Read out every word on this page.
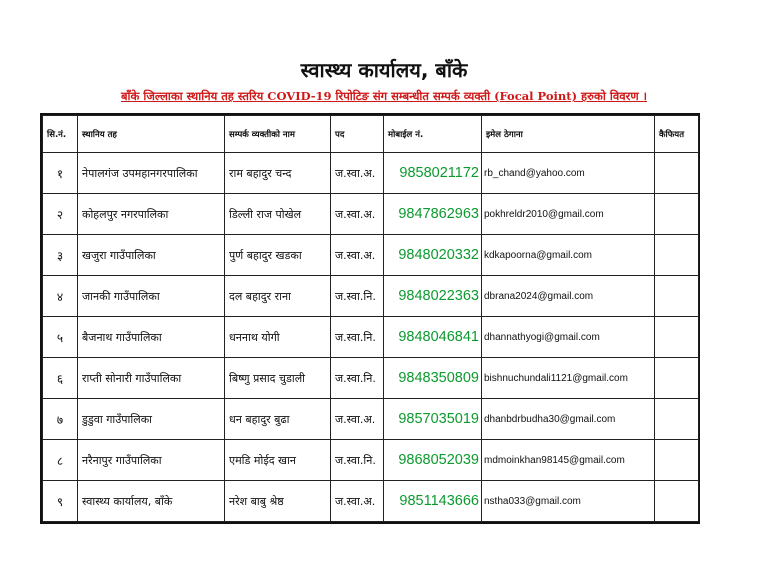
स्वास्थ्य कार्यालय, बाँके
बाँके जिल्लाका स्थानिय तह स्तरिय COVID-19 रिपोटिङ संग सम्बन्धीत सम्पर्क व्यक्ती (Focal Point) हरुको विवरण ।
सि.नं.	स्थानिय तह	सम्पर्क व्यक्तीको नाम	पद	मोबाईल नं.	इमेल ठेगाना	कैफियत
१	नेपालगंज उपमहानगरपालिका	राम बहादुर चन्द	ज.स्वा.अ.	9858021172	rb_chand@yahoo.com	
२	कोहलपुर नगरपालिका	डिल्ली राज पोखेल	ज.स्वा.अ.	9847862963	pokhreldr2010@gmail.com	
३	खजुरा गाउँपालिका	पुर्ण बहादुर खडका	ज.स्वा.अ.	9848020332	kdkapoorna@gmail.com	
४	जानकी गाउँपालिका	दल बहादुर राना	ज.स्वा.नि.	9848022363	dbrana2024@gmail.com	
५	बैजनाथ गाउँपालिका	धननाथ योगी	ज.स्वा.नि.	9848046841	dhannathyogi@gmail.com	
६	राप्ती सोनारी गाउँपालिका	बिष्णु प्रसाद चुडाली	ज.स्वा.नि.	9848350809	bishnuchundali1121@gmail.com	
७	डुडुवा गाउँपालिका	धन बहादुर बुढा	ज.स्वा.अ.	9857035019	dhanbdrbudha30@gmail.com	
८	नरैनापुर गाउँपालिका	एमडि मोईद खान	ज.स्वा.नि.	9868052039	mdmoinkhan98145@gmail.com	
९	स्वास्थ्य कार्यालय, बाँके	नरेश बाबु श्रेष्ठ	ज.स्वा.अ.	9851143666	nstha033@gmail.com	
